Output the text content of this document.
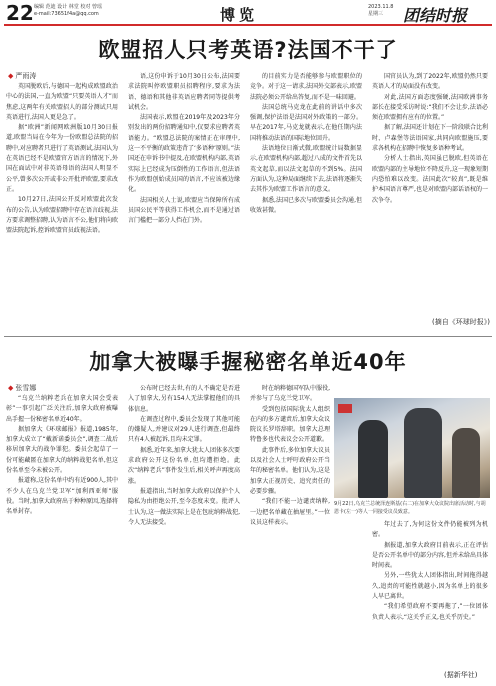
22 编辑 范迪 设计 林堂 校对 曾瑶
e-mail:73651f4a@qq.com	博览	2023.11.8
星期三	团结时报
欧盟招人只考英语?法国不干了
◆ 严雨涛

英国脱欧后,与德国一起构成欧盟政治中心的法国,一直为欧盟“只要英语人才”而焦虑,这两年有关欧盟招人的部分测试只用英语进行,法国人更是急了。

据“欧洲”新闻网欧洲版10月30日报道,欧盟当局在今年为一份欧盟总法院的招聘中,对应聘者只进行了英语测试,法国认为在英语已经不是欧盟官方语言的情况下,外国在面试中对非英语母语的法国人明显不公平,曾多次公开或非公开批评欧盟,要求改正。

10月27日,法国公开反对欧盟此次发布的公告,认为欧盟招聘中存在语言歧视,法方要求调整招聘,认为语言不公,他们将向欧盟法院起诉,控诉欧盟官员歧视法语。

语,这份申诉于10月30日公布,法国要求法院叫停欧盟职员招聘程序,要求为法语、德语和其他非英语应聘者同等提供考试机会。

法国表示,欧盟在2019年及2023年分别发出的两份招聘通知中,仅要求应聘者英语能力。“欧盟总法院的案情正在审理中,这一不平衡的政策违背了‘多语种’原则。”法国还在申诉书中提及,在欧盟机构内部,英语实际上已经成为压倒性的工作语言,但法语作为欧盟创始成员国的语言,不应该被边缘化。

法国相关人士说,欧盟应当保障所有成员国公民平等获得工作机会,而不是通过语言门槛把一部分人挡在门外。

的目前实力是否能够参与欧盟职位的竞争。对于这一请求,法国外交部表示,欧盟法院必须公开给出答复,而不是一味回避。

法国总统马克龙在此前的讲话中多次强调,保护法语是法国对外政策的一部分。早在2017年,马克龙就表示,在他任期内法国将推动法语的国际地位回升。

法语地位日渐式微,欧盟统计局数据显示,在欧盟机构内部,超过八成的文件首先以英文起草,而以法文起草的不到5%。法国方面认为,这种局面继续下去,法语将逐渐失去其作为欧盟工作语言的意义。

据悉,法国已多次与欧盟委员会沟通,但收效甚微。

国官员认为,到了2022年,欧盟仍然只要英语人才的局面没有改变。

对此,法国方面态度强硬,法国欧洲事务部长在接受采访时说:“我们不会让步,法语必须在欧盟拥有应有的位置。”

据了解,法国还计划在下一阶段联合比利时、卢森堡等法语国家,共同向欧盟施压,要求各机构在招聘中恢复多语种考试。

分析人士指出,英国虽已脱欧,但英语在欧盟内部的主导地位不降反升,这一现象短期内恐怕难以改变。法国此次“较真”,既是维护本国语言尊严,也是对欧盟内部话语权的一次争夺。

(摘自《环球时报》)
加拿大被曝手握秘密名单近40年
◆ 张雪娜

“乌克兰纳粹老兵在加拿大国会受表彰”一事引起广泛关注后,加拿大政府被曝出手握一份秘密名单近40年。

据加拿大《环球邮报》报道,1985年,加拿大成立了“戴新诺委员会”,调查二战后移居加拿大的战争罪犯。委员会起草了一份可能藏匿在加拿大的纳粹战犯名单,但这份名单至今未被公开。

报道称,这份名单中约有近900人,其中不少人在乌克兰党卫军“加利西亚师”服役。当时,加拿大政府出于种种原因,选择将名单封存。

公布时已经去世,有的人不确定是否进入了加拿大,另有154人无法掌握他们的具体信息。

在调查过程中,委员会发现了其他可能的嫌疑人,并建议对29人进行调查,但最终只有4人被起诉,且均未定罪。

据悉,近年来,加拿大犹太人团体多次要求政府公开这份名单,但均遭拒绝。此次“纳粹老兵”事件发生后,相关呼声再度高涨。

报道指出,当时加拿大政府以保护个人隐私为由拒绝公开,至今态度未变。批评人士认为,这一做法实际上是在包庇纳粹战犯,令人无法接受。

时在纳粹德国军队中服役,并参与了乌克兰党卫军。

受到包括国际犹太人组织在内的多方谴责后,加拿大众议院议长罗塔辞职。加拿大总理特鲁多也代表议会公开道歉。

此事件后,多位加拿大议员以及社会人士呼吁政府公开当年的秘密名单。他们认为,这是加拿大正视历史、追究责任的必要步骤。

“我们不能一边谴责纳粹,一边把名单藏在抽屉里。”一位议员这样表示。

9月22日,乌克兰总统泽连斯基(右二)在加拿大众议院出席活动时,与胡恩卡(左一)等人一同接受议员致意。

年过去了,为何这份文件仍能被列为机密。

据报道,加拿大政府目前表示,正在评估是否公开名单中的部分内容,但并未给出具体时间表。

另外,一些犹太人团体指出,时间拖得越久,追责的可能性就越小,因为名单上的很多人早已离世。

“我们希望政府不要再拖了,”一位团体负责人表示,“这关乎正义,也关乎历史。”

(据新华社)
